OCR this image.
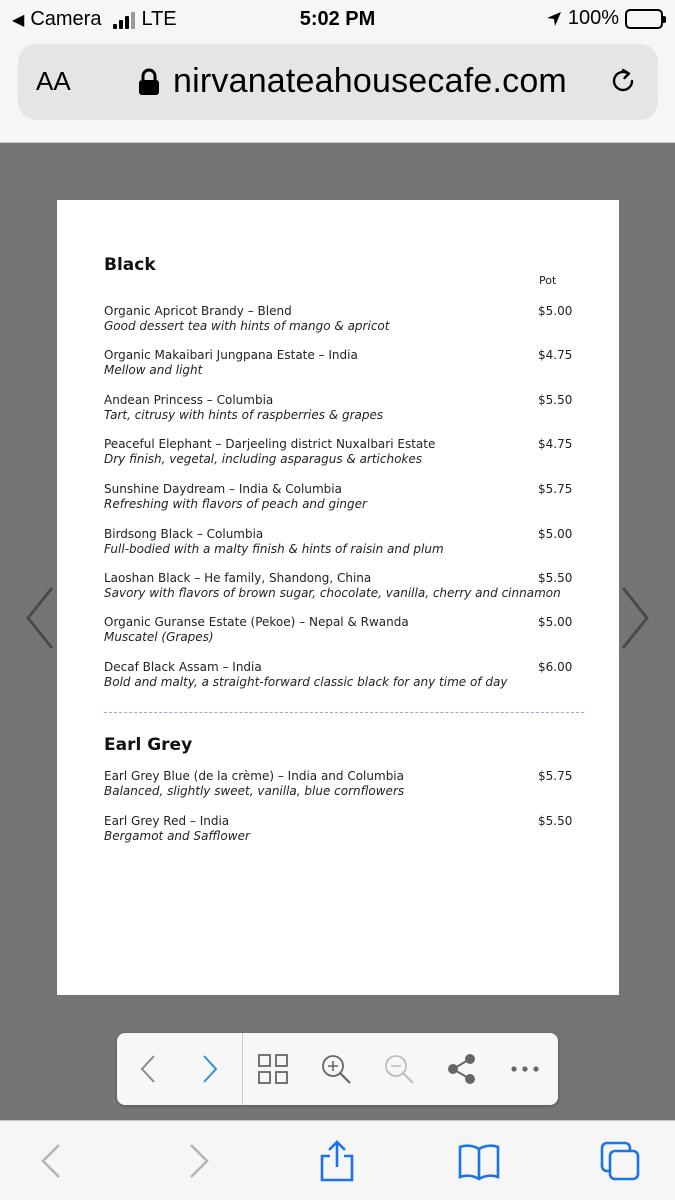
◀ Camera LTE	5:02 PM	100%
AA	nirvanateahousecafe.com
Black
Pot
Organic Apricot Brandy – Blend
Good dessert tea with hints of mango & apricot
$5.00
Organic Makaibari Jungpana Estate – India
Mellow and light
$4.75
Andean Princess – Columbia
Tart, citrusy with hints of raspberries & grapes
$5.50
Peaceful Elephant – Darjeeling district Nuxalbari Estate
Dry finish, vegetal, including asparagus & artichokes
$4.75
Sunshine Daydream – India & Columbia
Refreshing with flavors of peach and ginger
$5.75
Birdsong Black – Columbia
Full-bodied with a malty finish & hints of raisin and plum
$5.00
Laoshan Black – He family, Shandong, China
Savory with flavors of brown sugar, chocolate, vanilla, cherry and cinnamon
$5.50
Organic Guranse Estate (Pekoe) – Nepal & Rwanda
Muscatel (Grapes)
$5.00
Decaf Black Assam – India
Bold and malty, a straight-forward classic black for any time of day
$6.00
Earl Grey
Earl Grey Blue (de la crème) – India and Columbia
Balanced, slightly sweet, vanilla, blue cornflowers
$5.75
Earl Grey Red – India
Bergamot and Safflower
$5.50
